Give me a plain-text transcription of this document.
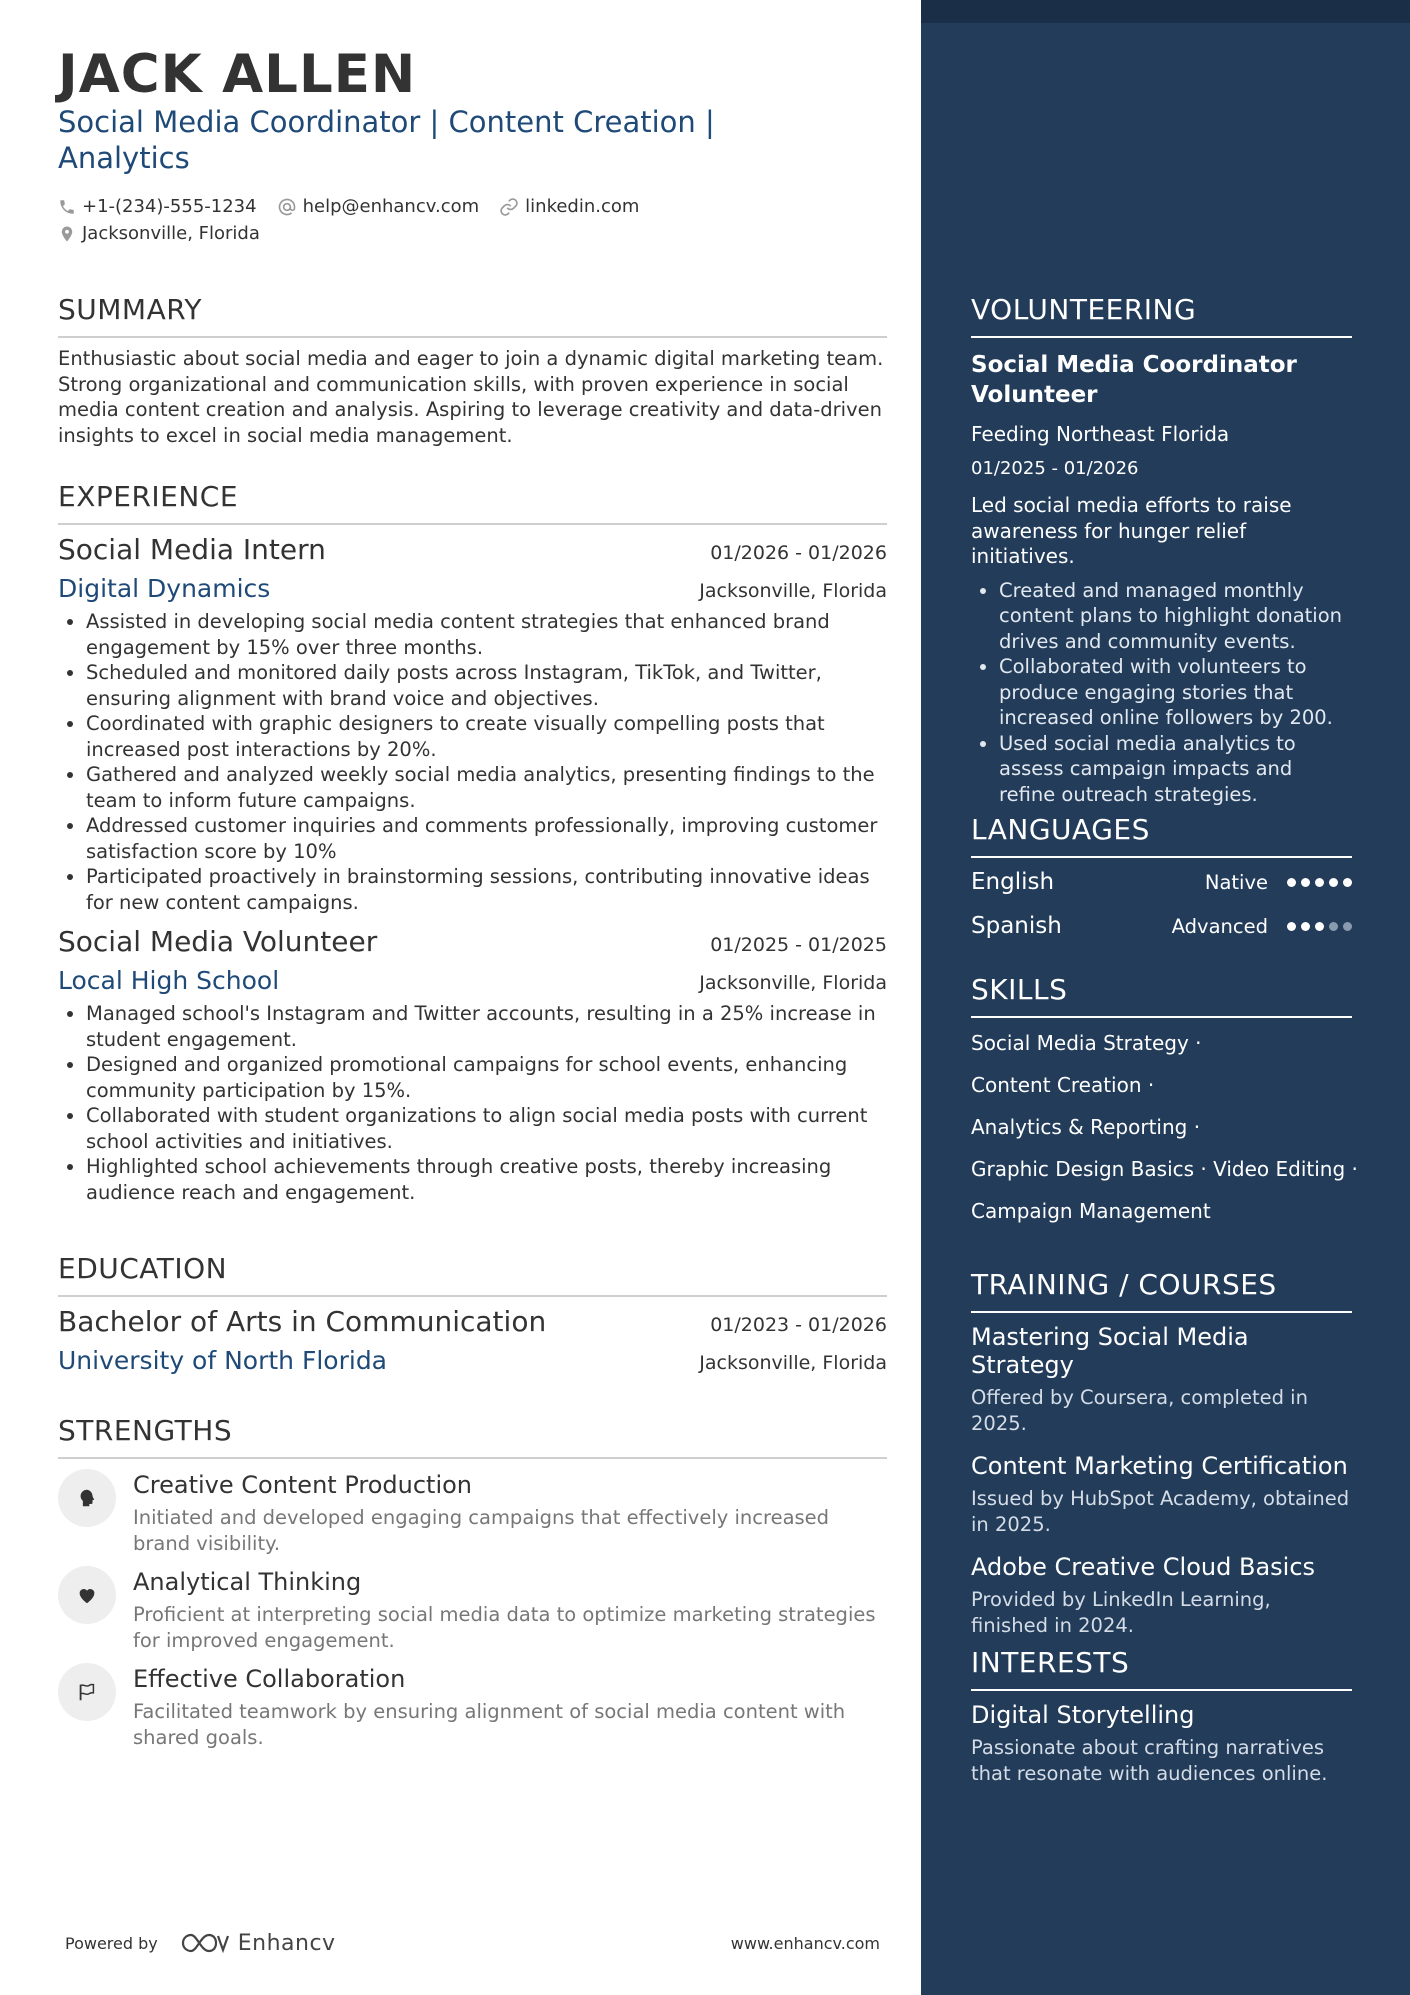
JACK ALLEN
Social Media Coordinator | Content Creation | Analytics
+1-(234)-555-1234	help@enhancv.com	linkedin.com
Jacksonville, Florida
SUMMARY
Enthusiastic about social media and eager to join a dynamic digital marketing team. Strong organizational and communication skills, with proven experience in social media content creation and analysis. Aspiring to leverage creativity and data-driven insights to excel in social media management.
EXPERIENCE
Social Media Intern	01/2026 - 01/2026
Digital Dynamics	Jacksonville, Florida
• Assisted in developing social media content strategies that enhanced brand engagement by 15% over three months.
• Scheduled and monitored daily posts across Instagram, TikTok, and Twitter, ensuring alignment with brand voice and objectives.
• Coordinated with graphic designers to create visually compelling posts that increased post interactions by 20%.
• Gathered and analyzed weekly social media analytics, presenting findings to the team to inform future campaigns.
• Addressed customer inquiries and comments professionally, improving customer satisfaction score by 10%
• Participated proactively in brainstorming sessions, contributing innovative ideas for new content campaigns.
Social Media Volunteer	01/2025 - 01/2025
Local High School	Jacksonville, Florida
• Managed school's Instagram and Twitter accounts, resulting in a 25% increase in student engagement.
• Designed and organized promotional campaigns for school events, enhancing community participation by 15%.
• Collaborated with student organizations to align social media posts with current school activities and initiatives.
• Highlighted school achievements through creative posts, thereby increasing audience reach and engagement.
EDUCATION
Bachelor of Arts in Communication	01/2023 - 01/2026
University of North Florida	Jacksonville, Florida
STRENGTHS
Creative Content Production
Initiated and developed engaging campaigns that effectively increased brand visibility.
Analytical Thinking
Proficient at interpreting social media data to optimize marketing strategies for improved engagement.
Effective Collaboration
Facilitated teamwork by ensuring alignment of social media content with shared goals.
Powered by	Enhancv	www.enhancv.com
VOLUNTEERING
Social Media Coordinator Volunteer
Feeding Northeast Florida
01/2025 - 01/2026
Led social media efforts to raise awareness for hunger relief initiatives.
• Created and managed monthly content plans to highlight donation drives and community events.
• Collaborated with volunteers to produce engaging stories that increased online followers by 200.
• Used social media analytics to assess campaign impacts and refine outreach strategies.
LANGUAGES
English	Native
Spanish	Advanced
SKILLS
Social Media Strategy ·
Content Creation ·
Analytics & Reporting ·
Graphic Design Basics · Video Editing ·
Campaign Management
TRAINING / COURSES
Mastering Social Media Strategy
Offered by Coursera, completed in 2025.
Content Marketing Certification
Issued by HubSpot Academy, obtained in 2025.
Adobe Creative Cloud Basics
Provided by LinkedIn Learning, finished in 2024.
INTERESTS
Digital Storytelling
Passionate about crafting narratives that resonate with audiences online.
